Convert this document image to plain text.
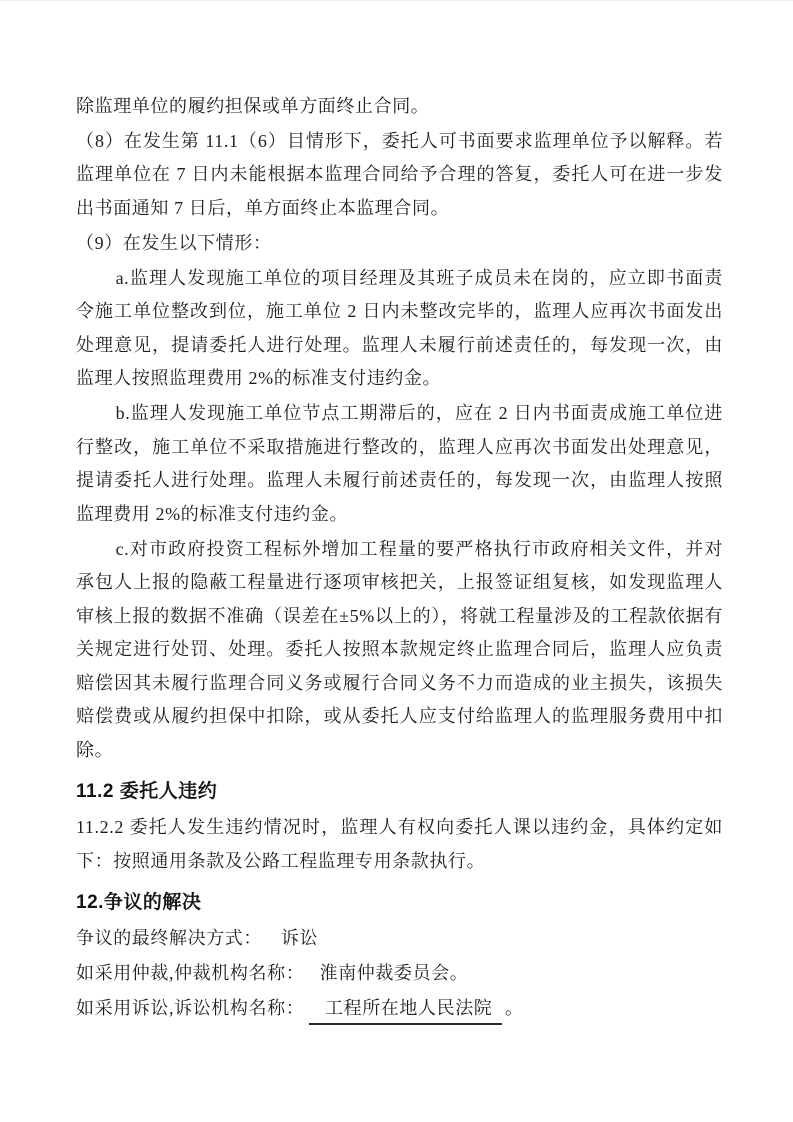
除监理单位的履约担保或单方面终止合同。

（8）在发生第 11.1（6）目情形下，委托人可书面要求监理单位予以解释。若监理单位在 7 日内未能根据本监理合同给予合理的答复，委托人可在进一步发出书面通知 7 日后，单方面终止本监理合同。

（9）在发生以下情形：

a.监理人发现施工单位的项目经理及其班子成员未在岗的，应立即书面责令施工单位整改到位，施工单位 2 日内未整改完毕的，监理人应再次书面发出处理意见，提请委托人进行处理。监理人未履行前述责任的，每发现一次，由监理人按照监理费用 2%的标准支付违约金。

b.监理人发现施工单位节点工期滞后的，应在 2 日内书面责成施工单位进行整改，施工单位不采取措施进行整改的，监理人应再次书面发出处理意见，提请委托人进行处理。监理人未履行前述责任的，每发现一次，由监理人按照监理费用 2%的标准支付违约金。

c.对市政府投资工程标外增加工程量的要严格执行市政府相关文件，并对承包人上报的隐蔽工程量进行逐项审核把关，上报签证组复核，如发现监理人审核上报的数据不准确（误差在±5%以上的），将就工程量涉及的工程款依据有关规定进行处罚、处理。委托人按照本款规定终止监理合同后，监理人应负责赔偿因其未履行监理合同义务或履行合同义务不力而造成的业主损失，该损失赔偿费或从履约担保中扣除，或从委托人应支付给监理人的监理服务费用中扣除。

11.2 委托人违约

11.2.2 委托人发生违约情况时，监理人有权向委托人课以违约金，具体约定如下：按照通用条款及公路工程监理专用条款执行。

12.争议的解决

争议的最终解决方式： 诉讼

如采用仲裁,仲裁机构名称： 淮南仲裁委员会。

如采用诉讼,诉讼机构名称： 工程所在地人民法院 。
